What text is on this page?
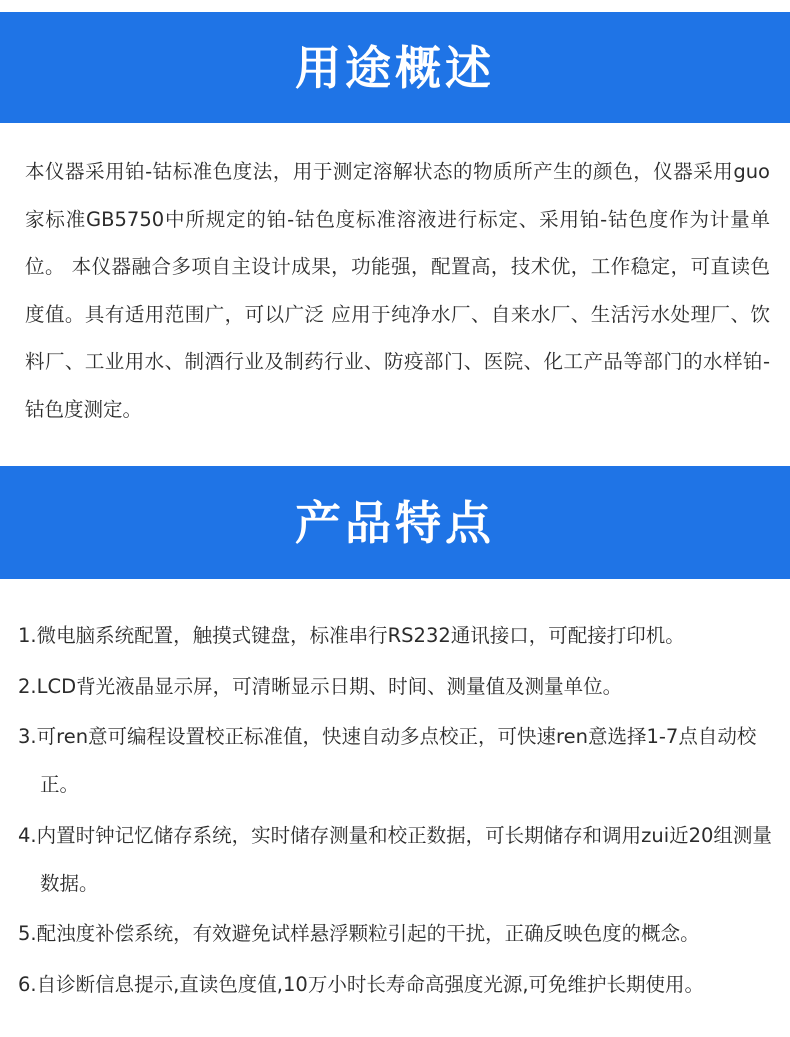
用途概述

本仪器采用铂-钴标准色度法，用于测定溶解状态的物质所产生的颜色，仪器采用guo家标准GB5750中所规定的铂-钴色度标准溶液进行标定、采用铂-钴色度作为计量单位。 本仪器融合多项自主设计成果，功能强，配置高，技术优，工作稳定，可直读色度值。具有适用范围广，可以广泛 应用于纯净水厂、自来水厂、生活污水处理厂、饮料厂、工业用水、制酒行业及制药行业、防疫部门、医院、化工产品等部门的水样铂-钴色度测定。

产品特点
1.微电脑系统配置，触摸式键盘，标准串行RS232通讯接口，可配接打印机。
2.LCD背光液晶显示屏，可清晰显示日期、时间、测量值及测量单位。
3.可ren意可编程设置校正标准值，快速自动多点校正，可快速ren意选择1-7点自动校正。
4.内置时钟记忆储存系统，实时储存测量和校正数据，可长期储存和调用zui近20组测量数据。
5.配浊度补偿系统，有效避免试样悬浮颗粒引起的干扰，正确反映色度的概念。
6.自诊断信息提示,直读色度值,10万小时长寿命高强度光源,可免维护长期使用。
